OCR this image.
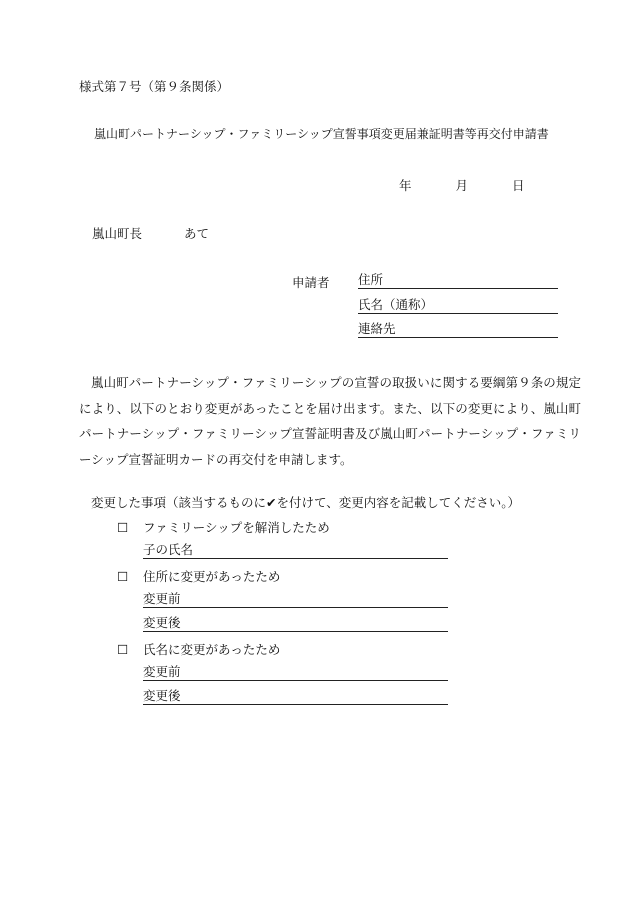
様式第７号（第９条関係）
嵐山町パートナーシップ・ファミリーシップ宣誓事項変更届兼証明書等再交付申請書
年	月	日
嵐山町長	あて
申請者 住所
氏名（通称）
連絡先

嵐山町パートナーシップ・ファミリーシップの宣誓の取扱いに関する要綱第９条の規定により、以下のとおり変更があったことを届け出ます。また、以下の変更により、嵐山町パートナーシップ・ファミリーシップ宣誓証明書及び嵐山町パートナーシップ・ファミリーシップ宣誓証明カードの再交付を申請します。

変更した事項（該当するものに✔を付けて、変更内容を記載してください。）
☐ ファミリーシップを解消したため
子の氏名
☐ 住所に変更があったため
変更前
変更後
☐ 氏名に変更があったため
変更前
変更後
